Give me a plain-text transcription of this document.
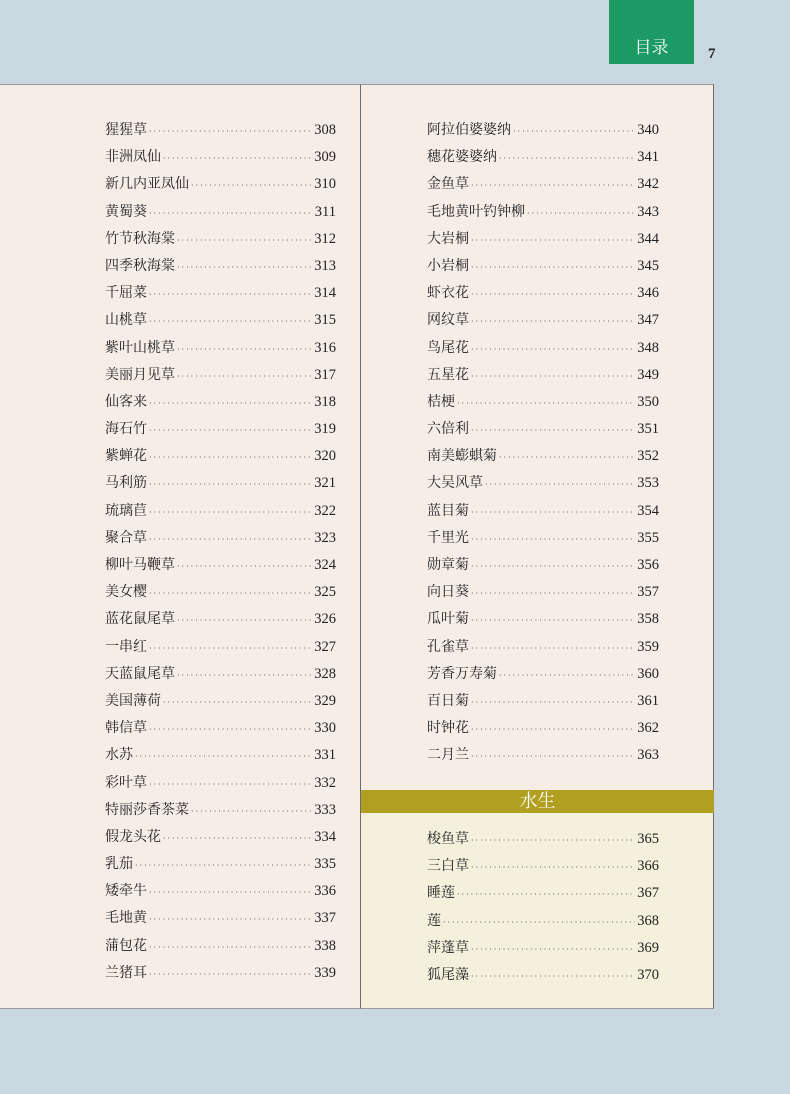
目录	7
水生
猩猩草 ·····	308
非洲凤仙 ·····	309
新几内亚凤仙 ·····	310
黄蜀葵 ·····	311
竹节秋海棠 ·····	312
四季秋海棠 ·····	313
千屈菜 ·····	314
山桃草 ·····	315
紫叶山桃草 ·····	316
美丽月见草 ·····	317
仙客来 ·····	318
海石竹 ·····	319
紫蝉花 ·····	320
马利筋 ·····	321
琉璃苣 ·····	322
聚合草 ·····	323
柳叶马鞭草 ·····	324
美女樱 ·····	325
蓝花鼠尾草 ·····	326
一串红 ·····	327
天蓝鼠尾草 ·····	328
美国薄荷 ·····	329
韩信草 ·····	330
水苏 ·····	331
彩叶草 ·····	332
特丽莎香茶菜 ·····	333
假龙头花 ·····	334
乳茄 ·····	335
矮牵牛 ·····	336
毛地黄 ·····	337
蒲包花 ·····	338
兰猪耳 ·····	339
阿拉伯婆婆纳 ·····	340
穗花婆婆纳 ·····	341
金鱼草 ·····	342
毛地黄叶钓钟柳 ·····	343
大岩桐 ·····	344
小岩桐 ·····	345
虾衣花 ·····	346
网纹草 ·····	347
鸟尾花 ·····	348
五星花 ·····	349
桔梗 ·····	350
六倍利 ·····	351
南美蟛蜞菊 ·····	352
大吴风草 ·····	353
蓝目菊 ·····	354
千里光 ·····	355
勋章菊 ·····	356
向日葵 ·····	357
瓜叶菊 ·····	358
孔雀草 ·····	359
芳香万寿菊 ·····	360
百日菊 ·····	361
时钟花 ·····	362
二月兰 ·····	363
梭鱼草 ·····	365
三白草 ·····	366
睡莲 ·····	367
莲 ·····	368
萍蓬草 ·····	369
狐尾藻 ·····	370
